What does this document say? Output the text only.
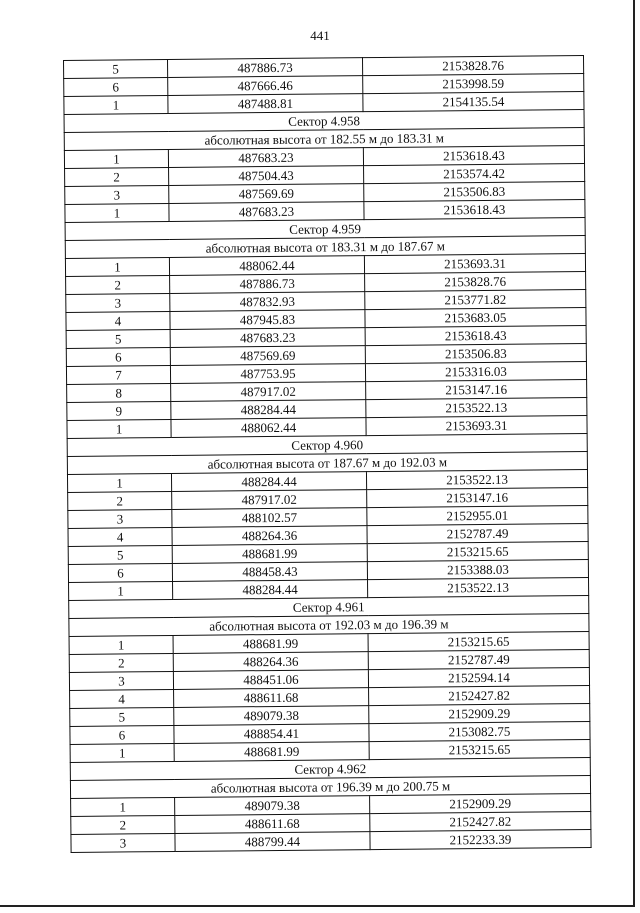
441
5	487886.73	2153828.76
6	487666.46	2153998.59
1	487488.81	2154135.54
Сектор 4.958		
абсолютная высота от 182.55 м до 183.31 м		
1	487683.23	2153618.43
2	487504.43	2153574.42
3	487569.69	2153506.83
1	487683.23	2153618.43
Сектор 4.959		
абсолютная высота от 183.31 м до 187.67 м		
1	488062.44	2153693.31
2	487886.73	2153828.76
3	487832.93	2153771.82
4	487945.83	2153683.05
5	487683.23	2153618.43
6	487569.69	2153506.83
7	487753.95	2153316.03
8	487917.02	2153147.16
9	488284.44	2153522.13
1	488062.44	2153693.31
Сектор 4.960		
абсолютная высота от 187.67 м до 192.03 м		
1	488284.44	2153522.13
2	487917.02	2153147.16
3	488102.57	2152955.01
4	488264.36	2152787.49
5	488681.99	2153215.65
6	488458.43	2153388.03
1	488284.44	2153522.13
Сектор 4.961		
абсолютная высота от 192.03 м до 196.39 м		
1	488681.99	2153215.65
2	488264.36	2152787.49
3	488451.06	2152594.14
4	488611.68	2152427.82
5	489079.38	2152909.29
6	488854.41	2153082.75
1	488681.99	2153215.65
Сектор 4.962		
абсолютная высота от 196.39 м до 200.75 м		
1	489079.38	2152909.29
2	488611.68	2152427.82
3	488799.44	2152233.39
